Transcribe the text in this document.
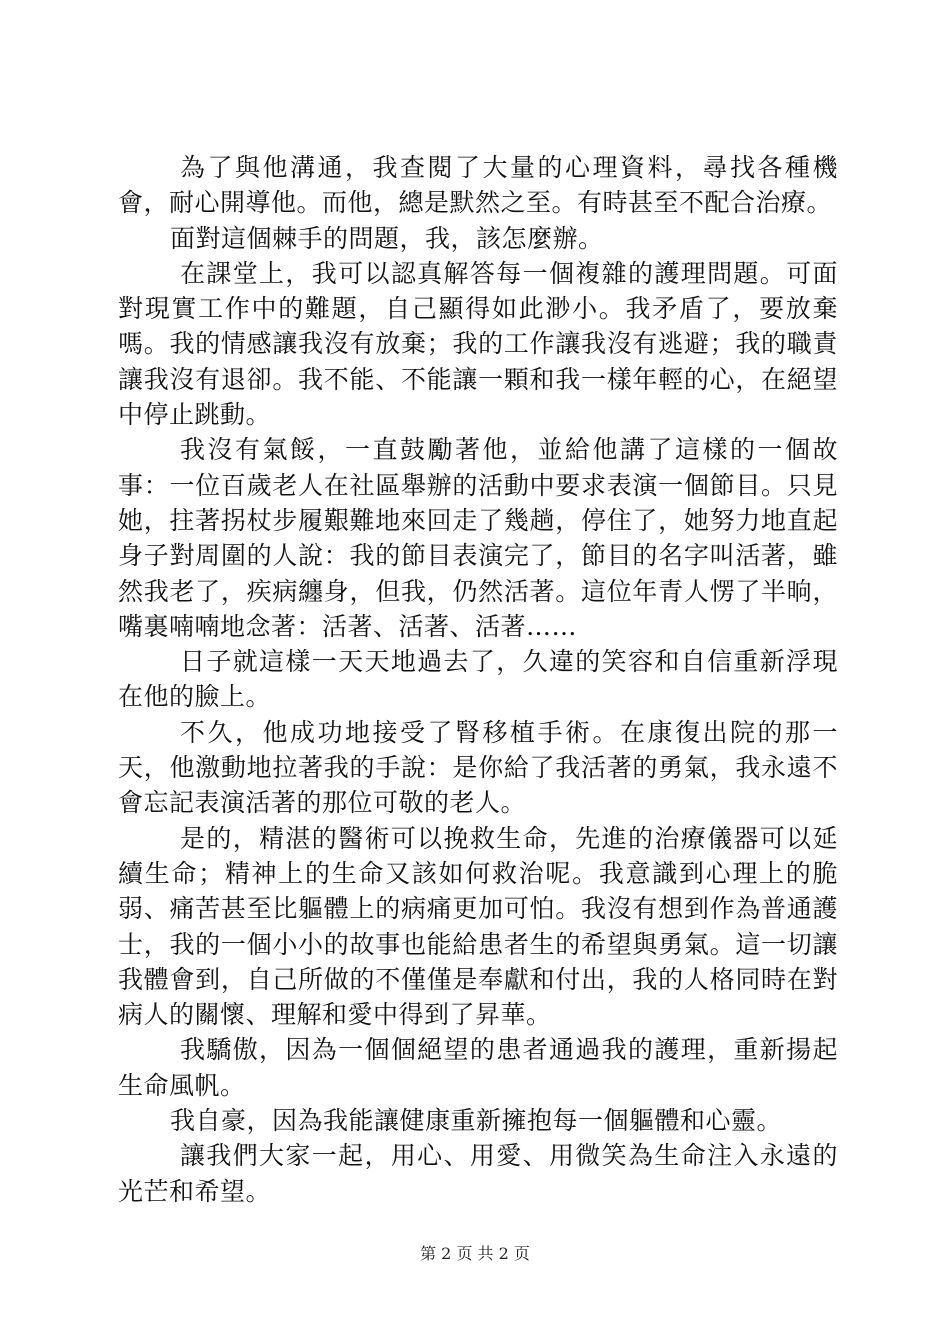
為了與他溝通，我查閱了大量的心理資料，尋找各種機會，耐心開導他。而他，總是默然之至。有時甚至不配合治療。

面對這個棘手的問題，我，該怎麼辦。

在課堂上，我可以認真解答每一個複雜的護理問題。可面對現實工作中的難題，自己顯得如此渺小。我矛盾了，要放棄嗎。我的情感讓我沒有放棄；我的工作讓我沒有逃避；我的職責讓我沒有退卻。我不能、不能讓一顆和我一樣年輕的心，在絕望中停止跳動。

我沒有氣餒，一直鼓勵著他，並給他講了這樣的一個故事：一位百歲老人在社區舉辦的活動中要求表演一個節目。只見她，拄著拐杖步履艱難地來回走了幾趟，停住了，她努力地直起身子對周圍的人說：我的節目表演完了，節目的名字叫活著，雖然我老了，疾病纏身，但我，仍然活著。這位年青人愣了半晌，嘴裏喃喃地念著：活著、活著、活著……

日子就這樣一天天地過去了，久違的笑容和自信重新浮現在他的臉上。

不久，他成功地接受了腎移植手術。在康復出院的那一天，他激動地拉著我的手說：是你給了我活著的勇氣，我永遠不會忘記表演活著的那位可敬的老人。

是的，精湛的醫術可以挽救生命，先進的治療儀器可以延續生命；精神上的生命又該如何救治呢。我意識到心理上的脆弱、痛苦甚至比軀體上的病痛更加可怕。我沒有想到作為普通護士，我的一個小小的故事也能給患者生的希望與勇氣。這一切讓我體會到，自己所做的不僅僅是奉獻和付出，我的人格同時在對病人的關懷、理解和愛中得到了昇華。

我驕傲，因為一個個絕望的患者通過我的護理，重新揚起生命風帆。

我自豪，因為我能讓健康重新擁抱每一個軀體和心靈。

讓我們大家一起，用心、用愛、用微笑為生命注入永遠的光芒和希望。

第 2 页 共 2 页
